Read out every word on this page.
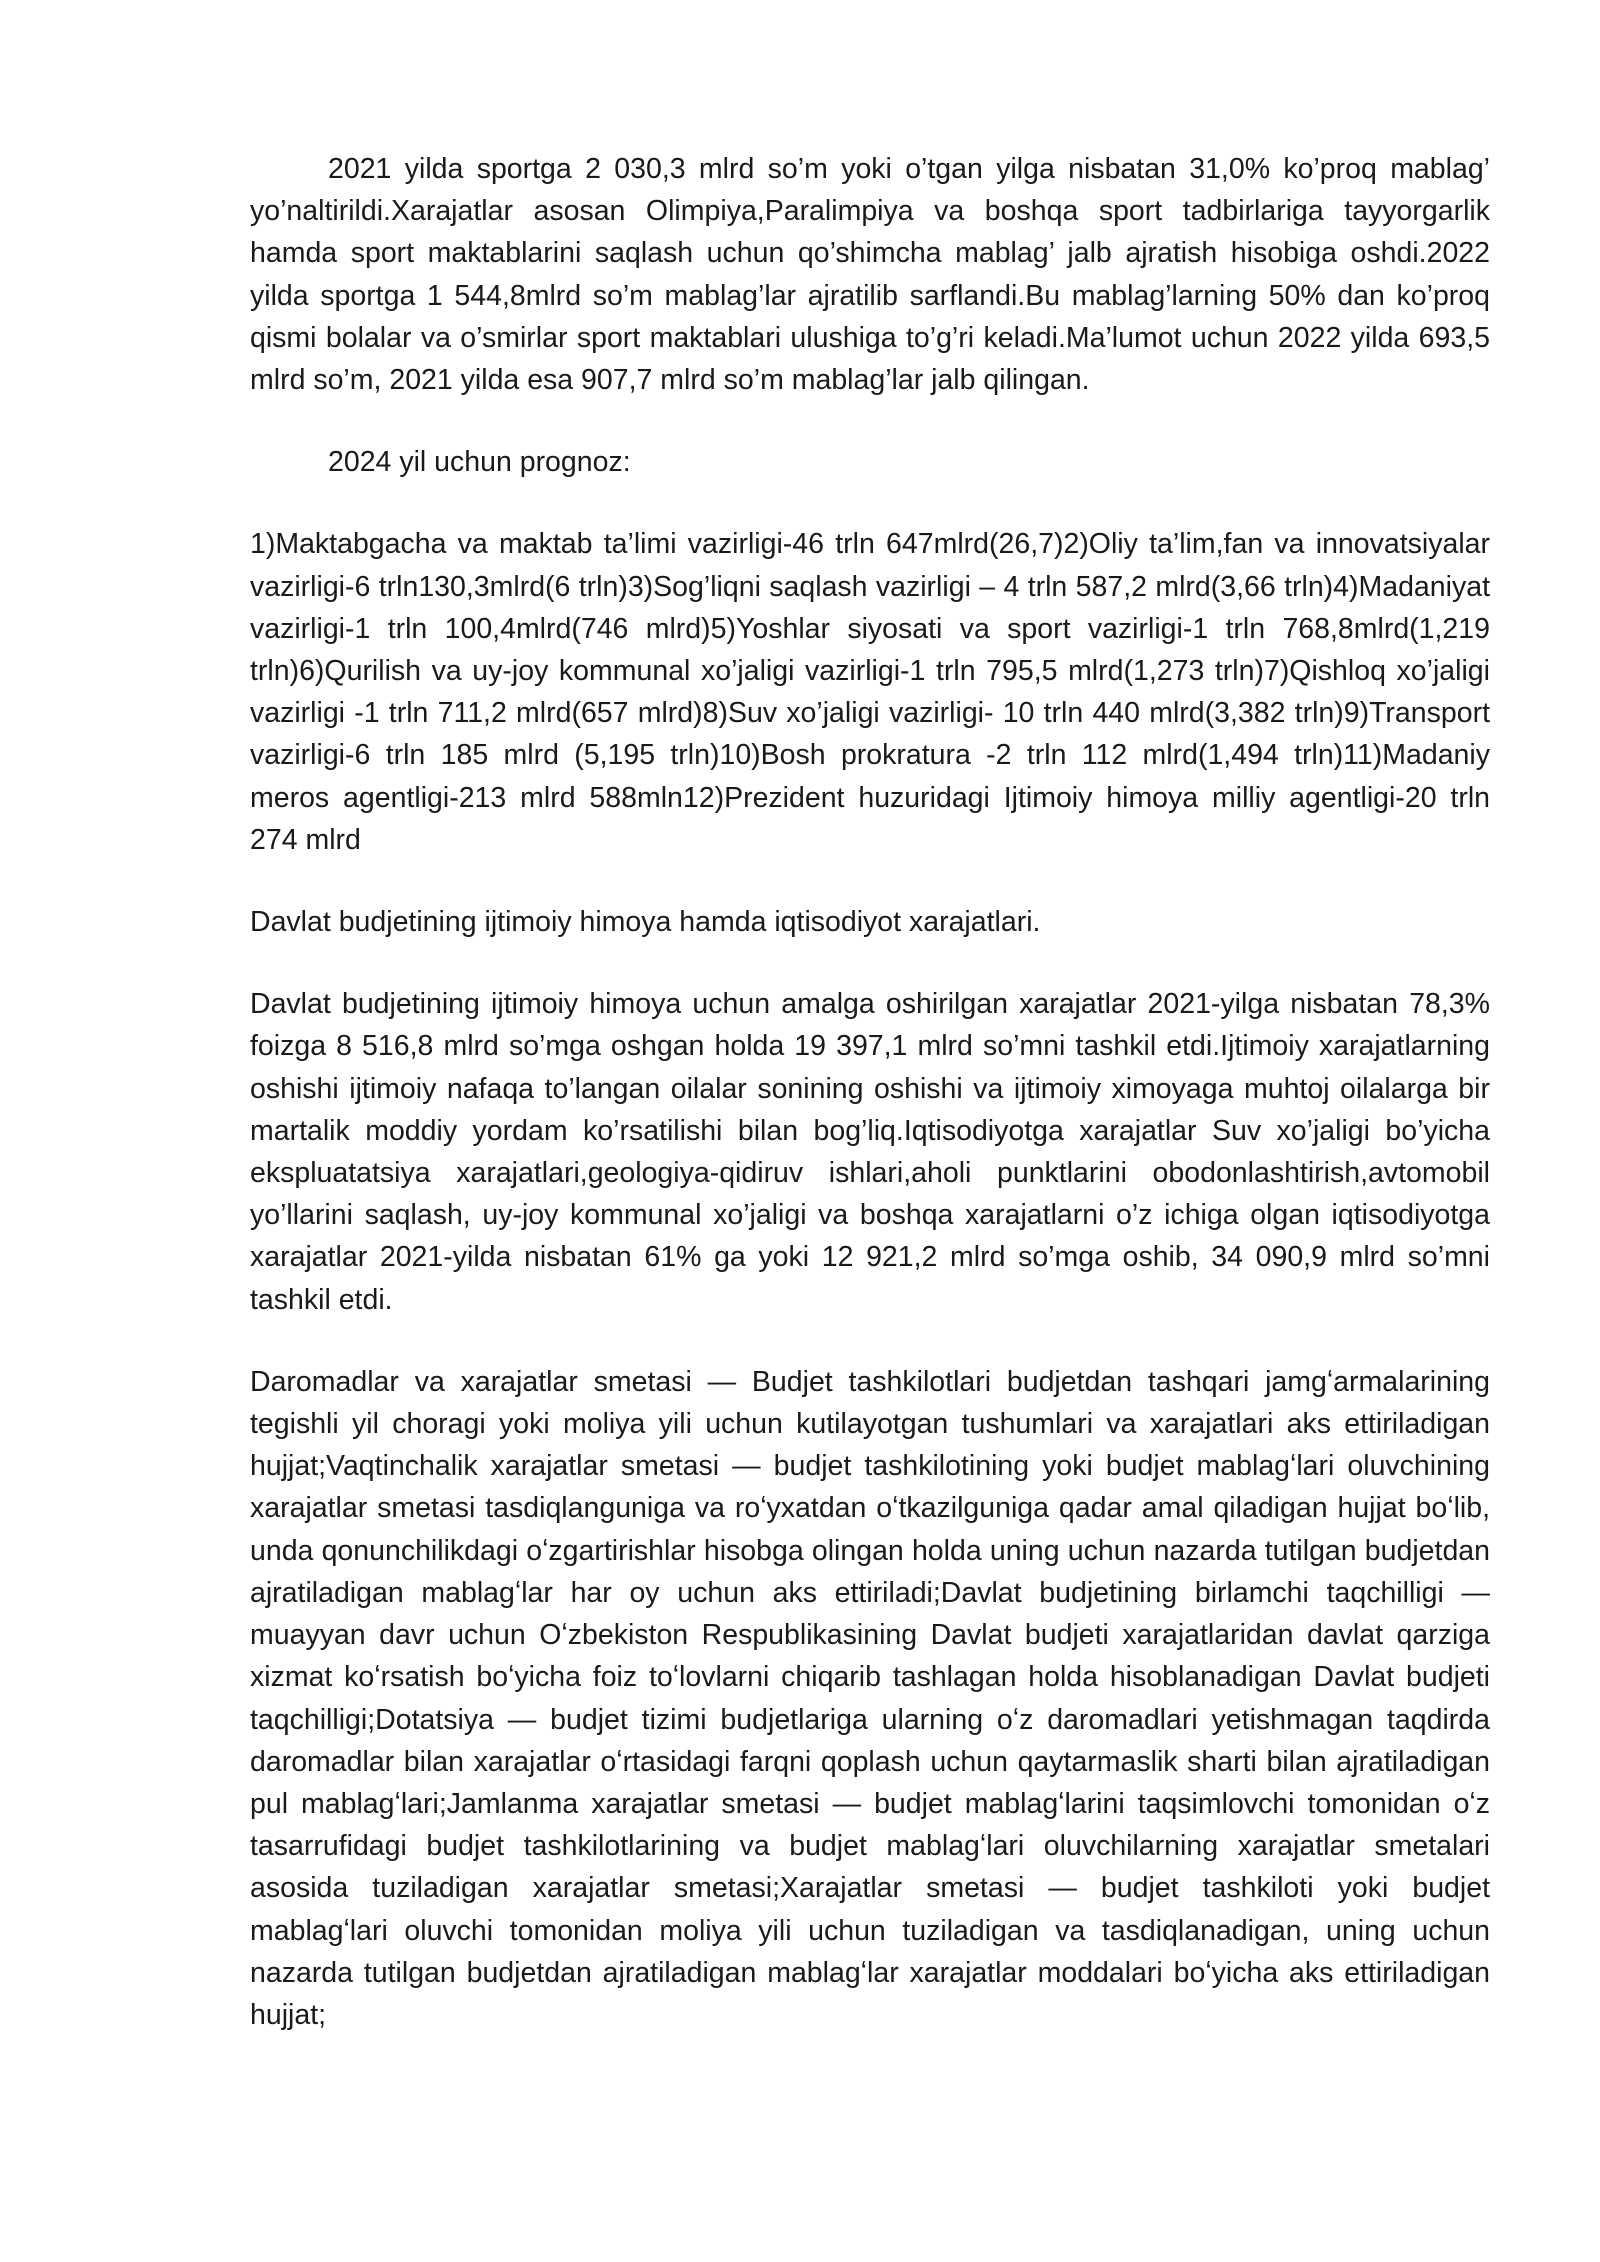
2021 yilda sportga 2 030,3 mlrd so’m yoki o’tgan yilga nisbatan 31,0% ko’proq mablag’ yo’naltirildi.Xarajatlar asosan Olimpiya,Paralimpiya va boshqa sport tadbirlariga tayyorgarlik hamda sport maktablarini saqlash uchun qo’shimcha mablag’ jalb ajratish hisobiga oshdi.2022 yilda sportga 1 544,8mlrd so’m mablag’lar ajratilib sarflandi.Bu mablag’larning 50% dan ko’proq qismi bolalar va o’smirlar sport maktablari ulushiga to’g’ri keladi.Ma’lumot uchun 2022 yilda 693,5 mlrd so’m, 2021 yilda esa 907,7 mlrd so’m mablag’lar jalb qilingan.

2024 yil uchun prognoz:

1)Maktabgacha va maktab ta’limi vazirligi-46 trln 647mlrd(26,7)2)Oliy ta’lim,fan va innovatsiyalar vazirligi-6 trln130,3mlrd(6 trln)3)Sog’liqni saqlash vazirligi – 4 trln 587,2 mlrd(3,66 trln)4)Madaniyat vazirligi-1 trln 100,4mlrd(746 mlrd)5)Yoshlar siyosati va sport vazirligi-1 trln 768,8mlrd(1,219 trln)6)Qurilish va uy-joy kommunal xo’jaligi vazirligi-1 trln 795,5 mlrd(1,273 trln)7)Qishloq xo’jaligi vazirligi -1 trln 711,2 mlrd(657 mlrd)8)Suv xo’jaligi vazirligi- 10 trln 440 mlrd(3,382 trln)9)Transport vazirligi-6 trln 185 mlrd (5,195 trln)10)Bosh prokratura -2 trln 112 mlrd(1,494 trln)11)Madaniy meros agentligi-213 mlrd 588mln12)Prezident huzuridagi Ijtimoiy himoya milliy agentligi-20 trln 274 mlrd

Davlat budjetining ijtimoiy himoya hamda iqtisodiyot xarajatlari.

Davlat budjetining ijtimoiy himoya uchun amalga oshirilgan xarajatlar 2021-yilga nisbatan 78,3% foizga 8 516,8 mlrd so’mga oshgan holda 19 397,1 mlrd so’mni tashkil etdi.Ijtimoiy xarajatlarning oshishi ijtimoiy nafaqa to’langan oilalar sonining oshishi va ijtimoiy ximoyaga muhtoj oilalarga bir martalik moddiy yordam ko’rsatilishi bilan bog’liq.Iqtisodiyotga xarajatlar Suv xo’jaligi bo’yicha ekspluatatsiya xarajatlari,geologiya-qidiruv ishlari,aholi punktlarini obodonlashtirish,avtomobil yo’llarini saqlash, uy-joy kommunal xo’jaligi va boshqa xarajatlarni o’z ichiga olgan iqtisodiyotga xarajatlar 2021-yilda nisbatan 61% ga yoki 12 921,2 mlrd so’mga oshib, 34 090,9 mlrd so’mni tashkil etdi.

Daromadlar va xarajatlar smetasi — Budjet tashkilotlari budjetdan tashqari jamgʻarmalarining tegishli yil choragi yoki moliya yili uchun kutilayotgan tushumlari va xarajatlari aks ettiriladigan hujjat;Vaqtinchalik xarajatlar smetasi — budjet tashkilotining yoki budjet mablagʻlari oluvchining xarajatlar smetasi tasdiqlanguniga va roʻyxatdan oʻtkazilguniga qadar amal qiladigan hujjat boʻlib, unda qonunchilikdagi oʻzgartirishlar hisobga olingan holda uning uchun nazarda tutilgan budjetdan ajratiladigan mablagʻlar har oy uchun aks ettiriladi;Davlat budjetining birlamchi taqchilligi — muayyan davr uchun Oʻzbekiston Respublikasining Davlat budjeti xarajatlaridan davlat qarziga xizmat koʻrsatish boʻyicha foiz toʻlovlarni chiqarib tashlagan holda hisoblanadigan Davlat budjeti taqchilligi;Dotatsiya — budjet tizimi budjetlariga ularning oʻz daromadlari yetishmagan taqdirda daromadlar bilan xarajatlar oʻrtasidagi farqni qoplash uchun qaytarmaslik sharti bilan ajratiladigan pul mablagʻlari;Jamlanma xarajatlar smetasi — budjet mablagʻlarini taqsimlovchi tomonidan oʻz tasarrufidagi budjet tashkilotlarining va budjet mablagʻlari oluvchilarning xarajatlar smetalari asosida tuziladigan xarajatlar smetasi;Xarajatlar smetasi — budjet tashkiloti yoki budjet mablagʻlari oluvchi tomonidan moliya yili uchun tuziladigan va tasdiqlanadigan, uning uchun nazarda tutilgan budjetdan ajratiladigan mablagʻlar xarajatlar moddalari boʻyicha aks ettiriladigan hujjat;
